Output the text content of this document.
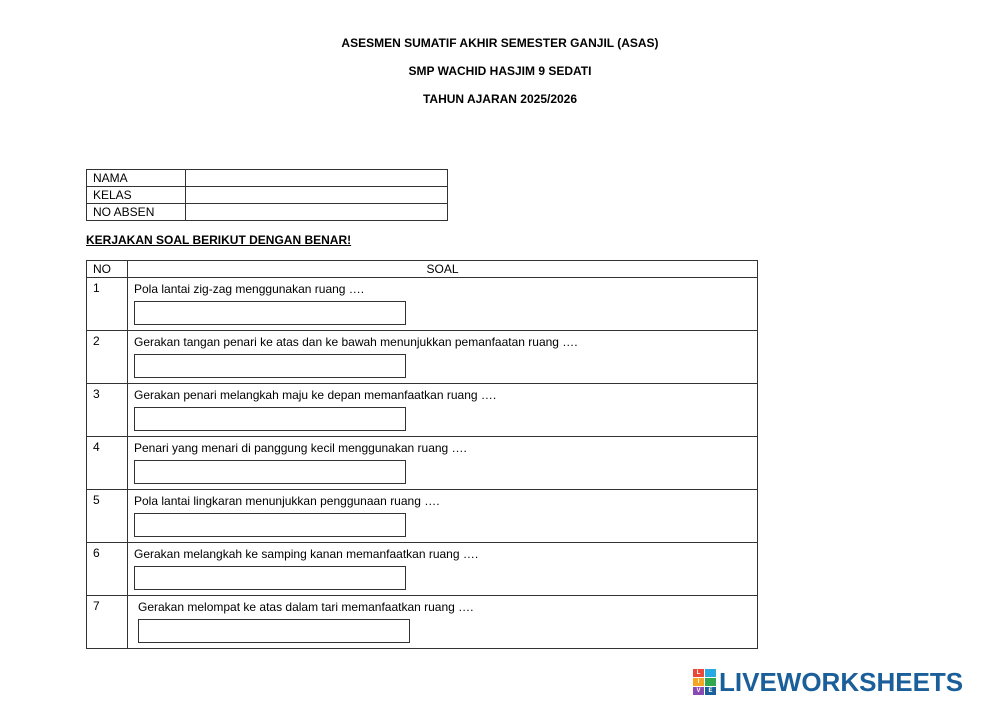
ASESMEN SUMATIF AKHIR SEMESTER GANJIL (ASAS)
SMP WACHID HASJIM 9 SEDATI
TAHUN AJARAN 2025/2026
NAMA	
KELAS	
NO ABSEN	
KERJAKAN SOAL BERIKUT DENGAN BENAR!
NO	SOAL
1	Pola lantai zig-zag menggunakan ruang ….

2	Gerakan tangan penari ke atas dan ke bawah menunjukkan pemanfaatan ruang ….

3	Gerakan penari melangkah maju ke depan memanfaatkan ruang ….

4	Penari yang menari di panggung kecil menggunakan ruang ….

5	Pola lantai lingkaran menunjukkan penggunaan ruang ….

6	Gerakan melangkah ke samping kanan memanfaatkan ruang ….

7	Gerakan melompat ke atas dalam tari memanfaatkan ruang ….
L
I
V	E LIVEWORKSHEETS
